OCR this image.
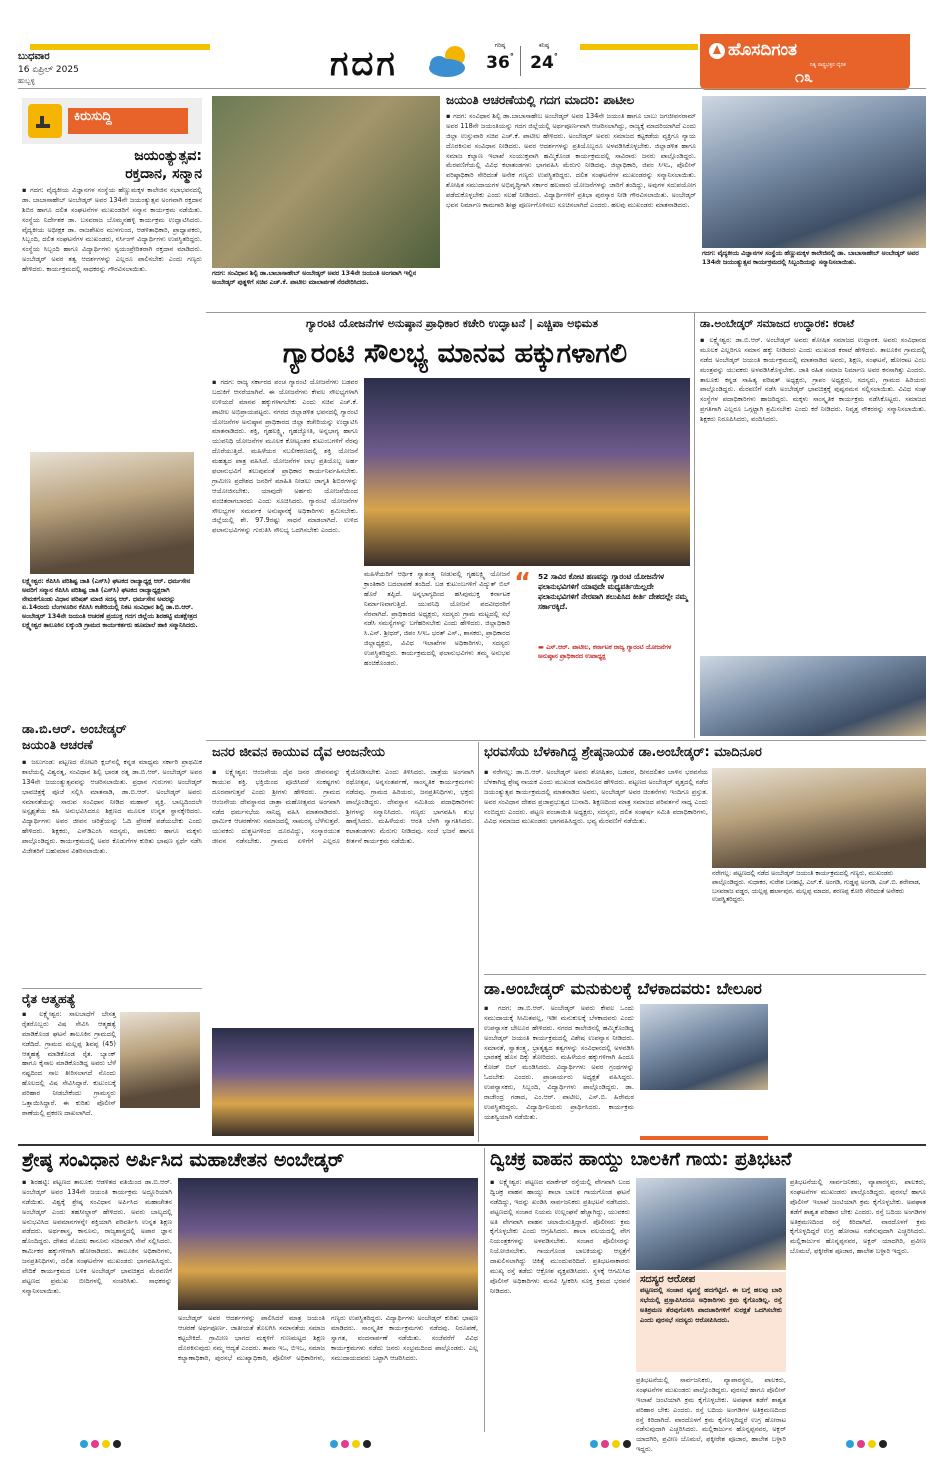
ಬುಧವಾರ
16 ಏಪ್ರಿಲ್ 2025
ಹುಬ್ಬಳ್ಳಿ	ಗದಗ	ಗರಿಷ್ಠ
36°
ಕನಿಷ್ಠ
24°	ಹೊಸದಿಗಂತ
ನಿತ್ಯ ರಾಷ್ಟ್ರಭಕ್ತರ ದೈನಿಕ
೧೩
ಕಿರುಸುದ್ದಿ
ಜಯಂತ್ಯುತ್ಸವ:
ರಕ್ತದಾನ, ಸನ್ಮಾನ
▪ ಗದಗ: ವೈದ್ಯಕೀಯ ವಿಜ್ಞಾನಗಳ ಸಂಸ್ಥೆಯ ಹೆಣ್ಣುಮಕ್ಕಳ ಕಾಲೇಜಿನ ಸಭಾಭವನದಲ್ಲಿ ಡಾ. ಬಾಬಾಸಾಹೇಬ್ ಅಂಬೇಡ್ಕರ್ ಅವರ 134ನೇ ಜಯಂತ್ಯುತ್ಸವ ಅಂಗವಾಗಿ ರಕ್ತದಾನ ಶಿಬಿರ ಹಾಗೂ ದಲಿತ ಸಂಘಟನೆಗಳ ಮುಖಂಡರಿಗೆ ಸನ್ಮಾನ ಕಾರ್ಯಕ್ರಮ ನಡೆಯಿತು. ಸಂಸ್ಥೆಯ ನಿರ್ದೇಶಕ ಡಾ. ಬಸವರಾಜ ಬೊಮ್ಮನಹಳ್ಳಿ ಕಾರ್ಯಕ್ರಮ ಉದ್ಘಾಟಿಸಿದರು. ವೈದ್ಯಕೀಯ ಅಧೀಕ್ಷಕ ಡಾ. ರಾಜಶೇಖರ ಮುಳಗುಂದ, ಆಡಳಿತಾಧಿಕಾರಿ, ಪ್ರಾಧ್ಯಾಪಕರು, ಸಿಬ್ಬಂದಿ, ದಲಿತ ಸಂಘಟನೆಗಳ ಮುಖಂಡರು, ನರ್ಸಿಂಗ್ ವಿದ್ಯಾರ್ಥಿಗಳು ಉಪಸ್ಥಿತರಿದ್ದರು. ಸಂಸ್ಥೆಯ ಸಿಬ್ಬಂದಿ ಹಾಗೂ ವಿದ್ಯಾರ್ಥಿಗಳು ಸ್ವಯಂಪ್ರೇರಿತರಾಗಿ ರಕ್ತದಾನ ಮಾಡಿದರು. ಅಂಬೇಡ್ಕರ್ ಅವರ ತತ್ವ ಆದರ್ಶಗಳನ್ನು ಎಲ್ಲರೂ ಪಾಲಿಸಬೇಕು ಎಂದು ಗಣ್ಯರು ಹೇಳಿದರು. ಕಾರ್ಯಕ್ರಮದಲ್ಲಿ ಸಾಧಕರನ್ನು ಗೌರವಿಸಲಾಯಿತು.
ಲಕ್ಷ್ಮೇಶ್ವರ: ಕೆಪಿಸಿಸಿ ಪರಿಶಿಷ್ಟ ಜಾತಿ (ಎಸ್‌ಸಿ) ಘಟಕದ ರಾಜ್ಯಾಧ್ಯಕ್ಷ ಆರ್. ಧರ್ಮಸೇನ ಅವರಿಗೆ ಸನ್ಮಾನ ಕೆಪಿಸಿಸಿ ಪರಿಶಿಷ್ಟ ಜಾತಿ (ಎಸ್‌ಸಿ) ಘಟಕದ ರಾಜ್ಯಾಧ್ಯಕ್ಷರಾಗಿ ನೇಮಕಗೊಂಡು ವಿಧಾನ ಪರಿಷತ್ ಮಾಜಿ ಸದಸ್ಯ ಆರ್. ಧರ್ಮಸೇನ ಅವರನ್ನು ಏ.14ರಂದು ಬೆಂಗಳೂರಿನ ಕೆಪಿಸಿಸಿ ಕಚೇರಿಯಲ್ಲಿ ನಿಕಟ ಸಂವಿಧಾನ ಶಿಲ್ಪಿ ಡಾ.ಬಿ.ಆರ್. ಅಂಬೇಡ್ಕರ್ 134ನೇ ಜಯಂತಿ ಆಚರಣೆ ಪ್ರಯುಕ್ತ ಗದಗ ಜಿಲ್ಲೆಯ ಶಿರಹಟ್ಟಿ ಮತಕ್ಷೇತ್ರದ ಲಕ್ಷ್ಮೇಶ್ವರ ತಾಲೂಕಿನ ಲಕ್ಕುಂಡಿ ಗ್ರಾಮದ ಕಾರ್ಯಕರ್ತರು ಹೂಮಾಲೆ ಹಾಕಿ ಸನ್ಮಾನಿಸಿದರು.
ಡಾ.ಬಿ.ಆರ್. ಅಂಬೇಡ್ಕರ್
ಜಯಂತಿ ಆಚರಣೆ
▪ ಜಲುಗಂಡ: ಪಟ್ಟಣದ ರೋಟರಿ ಕ್ಲಬ್‌ನಲ್ಲಿ ಕನ್ನಡ ಮಾಧ್ಯಮ ಸರ್ಕಾರಿ ಪ್ರಾಥಮಿಕ ಶಾಲೆಯಲ್ಲಿ ವಿಶ್ವರತ್ನ, ಸಂವಿಧಾನ ಶಿಲ್ಪಿ ಭಾರತ ರತ್ನ ಡಾ.ಬಿ.ಆರ್. ಅಂಬೇಡ್ಕರ್ ಅವರ 134ನೇ ಜಯಂತ್ಯುತ್ಸವವನ್ನು ಆಚರಿಸಲಾಯಿತು. ಪ್ರಧಾನ ಗುರುಗಳು ಅಂಬೇಡ್ಕರ್ ಭಾವಚಿತ್ರಕ್ಕೆ ಪೂಜೆ ಸಲ್ಲಿಸಿ ಮಾತನಾಡಿ, ಡಾ.ಬಿ.ಆರ್. ಅಂಬೇಡ್ಕರ್ ಅವರು ಸಮಾನತೆಯನ್ನು ಸಾರುವ ಸಂವಿಧಾನ ನೀಡಿದ ಮಹಾನ್ ವ್ಯಕ್ತಿ. ಬಾಲ್ಯದಿಂದಲೇ ಅಸ್ಪೃಶ್ಯತೆಯ ಕಹಿ ಅನುಭವಿಸಿದರೂ ಶಿಕ್ಷಣದ ಮೂಲಕ ಉನ್ನತ ಸ್ಥಾನಕ್ಕೇರಿದರು. ವಿದ್ಯಾರ್ಥಿಗಳು ಅವರ ಜೀವನ ಚರಿತ್ರೆಯನ್ನು ಓದಿ ಪ್ರೇರಣೆ ಪಡೆಯಬೇಕು ಎಂದು ಹೇಳಿದರು. ಶಿಕ್ಷಕರು, ಎಸ್‌ಡಿಎಂಸಿ ಸದಸ್ಯರು, ಪಾಲಕರು ಹಾಗೂ ಮಕ್ಕಳು ಪಾಲ್ಗೊಂಡಿದ್ದರು. ಕಾರ್ಯಕ್ರಮದಲ್ಲಿ ಅವರ ಕೊಡುಗೆಗಳ ಕುರಿತು ಭಾಷಣ ಸ್ಪರ್ಧೆ ನಡೆಸಿ ವಿಜೇತರಿಗೆ ಬಹುಮಾನ ವಿತರಿಸಲಾಯಿತು.
ರೈತ ಆತ್ಮಹತ್ಯೆ
▪ ಲಕ್ಷ್ಮೇಶ್ವರ: ಸಾಲಬಾಧೆಗೆ ಬೇಸತ್ತ ರೈತರೊಬ್ಬರು ವಿಷ ಸೇವಿಸಿ ಆತ್ಮಹತ್ಯೆ ಮಾಡಿಕೊಂಡ ಘಟನೆ ತಾಲೂಕಿನ ಗ್ರಾಮದಲ್ಲಿ ನಡೆದಿದೆ. ಗ್ರಾಮದ ಮಲ್ಲಪ್ಪ ಶಿವಪ್ಪ (45) ಆತ್ಮಹತ್ಯೆ ಮಾಡಿಕೊಂಡ ರೈತ. ಬ್ಯಾಂಕ್ ಹಾಗೂ ಕೈಸಾಲ ಮಾಡಿಕೊಂಡಿದ್ದ ಅವರು ಬೆಳೆ ನಷ್ಟದಿಂದ ಸಾಲ ತೀರಿಸಲಾಗದೆ ನೊಂದು ಹೊಲದಲ್ಲಿ ವಿಷ ಸೇವಿಸಿದ್ದಾರೆ. ಕುಟುಂಬಕ್ಕೆ ಪರಿಹಾರ ನೀಡಬೇಕೆಂದು ಗ್ರಾಮಸ್ಥರು ಒತ್ತಾಯಿಸಿದ್ದಾರೆ. ಈ ಕುರಿತು ಪೊಲೀಸ್ ಠಾಣೆಯಲ್ಲಿ ಪ್ರಕರಣ ದಾಖಲಾಗಿದೆ.
ಗದಗ: ಸಂವಿಧಾನ ಶಿಲ್ಪಿ ಡಾ.ಬಾಬಾಸಾಹೇಬ್ ಅಂಬೇಡ್ಕರ್ ಅವರ 134ನೇ ಜಯಂತಿ ಅಂಗವಾಗಿ ಇಲ್ಲಿನ ಅಂಬೇಡ್ಕರ್ ಪುತ್ಥಳಿಗೆ ಸಚಿವ ಎಚ್.ಕೆ. ಪಾಟೀಲ ಮಾಲಾರ್ಪಣೆ ನೆರವೇರಿಸಿದರು.
ಜಯಂತಿ ಆಚರಣೆಯಲ್ಲಿ ಗದಗ ಮಾದರಿ: ಪಾಟೀಲ
▪ ಗದಗ: ಸಂವಿಧಾನ ಶಿಲ್ಪಿ ಡಾ.ಬಾಬಾಸಾಹೇಬ ಅಂಬೇಡ್ಕರ್ ಅವರ 134ನೇ ಜಯಂತಿ ಹಾಗೂ ಬಾಬು ಜಗಜೀವನರಾಮ್ ಅವರ 118ನೇ ಜಯಂತಿಯನ್ನು ಗದಗ ಜಿಲ್ಲೆಯಲ್ಲಿ ಅರ್ಥಪೂರ್ಣವಾಗಿ ಆಚರಿಸಲಾಗಿದ್ದು, ರಾಜ್ಯಕ್ಕೆ ಮಾದರಿಯಾಗಿದೆ ಎಂದು ಜಿಲ್ಲಾ ಉಸ್ತುವಾರಿ ಸಚಿವ ಎಚ್.ಕೆ. ಪಾಟೀಲ ಹೇಳಿದರು. ಅಂಬೇಡ್ಕರ್ ಅವರು ಸಮಾಜದ ಕಟ್ಟಕಡೆಯ ವ್ಯಕ್ತಿಗೂ ನ್ಯಾಯ ದೊರಕಿಸುವ ಸಂವಿಧಾನ ನೀಡಿದರು. ಅವರ ಆದರ್ಶಗಳನ್ನು ಪ್ರತಿಯೊಬ್ಬರೂ ಅಳವಡಿಸಿಕೊಳ್ಳಬೇಕು. ಜಿಲ್ಲಾಡಳಿತ ಹಾಗೂ ಸಮಾಜ ಕಲ್ಯಾಣ ಇಲಾಖೆ ಸಂಯುಕ್ತವಾಗಿ ಹಮ್ಮಿಕೊಂಡ ಕಾರ್ಯಕ್ರಮದಲ್ಲಿ ಸಾವಿರಾರು ಜನರು ಪಾಲ್ಗೊಂಡಿದ್ದರು. ಮೆರವಣಿಗೆಯಲ್ಲಿ ವಿವಿಧ ಕಲಾತಂಡಗಳು ಭಾಗವಹಿಸಿ ಮೆರುಗು ನೀಡಿದವು. ಜಿಲ್ಲಾಧಿಕಾರಿ, ಜಿಪಂ ಸಿಇಒ, ಪೊಲೀಸ್ ವರಿಷ್ಠಾಧಿಕಾರಿ ಸೇರಿದಂತೆ ಅನೇಕ ಗಣ್ಯರು ಉಪಸ್ಥಿತರಿದ್ದರು. ದಲಿತ ಸಂಘಟನೆಗಳ ಮುಖಂಡರನ್ನು ಸನ್ಮಾನಿಸಲಾಯಿತು. ಶೋಷಿತ ಸಮುದಾಯಗಳ ಅಭಿವೃದ್ಧಿಗಾಗಿ ಸರ್ಕಾರ ಹಲವಾರು ಯೋಜನೆಗಳನ್ನು ಜಾರಿಗೆ ತಂದಿದ್ದು, ಅವುಗಳ ಸದುಪಯೋಗ ಪಡೆದುಕೊಳ್ಳಬೇಕು ಎಂದು ಸಲಹೆ ನೀಡಿದರು. ವಿದ್ಯಾರ್ಥಿಗಳಿಗೆ ಪ್ರತಿಭಾ ಪುರಸ್ಕಾರ ನೀಡಿ ಗೌರವಿಸಲಾಯಿತು. ಅಂಬೇಡ್ಕರ್ ಭವನ ನಿರ್ಮಾಣ ಕಾಮಗಾರಿ ಶೀಘ್ರ ಪೂರ್ಣಗೊಳಿಸಲು ಸೂಚಿಸಲಾಗಿದೆ ಎಂದರು. ಹಲವು ಮುಖಂಡರು ಮಾತನಾಡಿದರು.
ಗದಗ: ವೈದ್ಯಕೀಯ ವಿಜ್ಞಾನಗಳ ಸಂಸ್ಥೆಯ ಹೆಣ್ಣುಮಕ್ಕಳ ಕಾಲೇಜಿನಲ್ಲಿ ಡಾ. ಬಾಬಾಸಾಹೇಬ್ ಅಂಬೇಡ್ಕರ್ ಅವರ 134ನೇ ಜಯಂತ್ಯುತ್ಸವ ಕಾರ್ಯಕ್ರಮದಲ್ಲಿ ಸಿಬ್ಬಂದಿಯನ್ನು ಸನ್ಮಾನಿಸಲಾಯಿತು.
ಗ್ಯಾರಂಟಿ ಯೋಜನೆಗಳ ಅನುಷ್ಠಾನ ಪ್ರಾಧಿಕಾರ ಕಚೇರಿ ಉದ್ಘಾಟನೆ | ಎಚ್ಚಿಪಾ ಅಭಿಮತ
ಗ್ಯಾರಂಟಿ ಸೌಲಭ್ಯ ಮಾನವ ಹಕ್ಕುಗಳಾಗಲಿ
▪ ಗದಗ: ರಾಜ್ಯ ಸರ್ಕಾರದ ಪಂಚ ಗ್ಯಾರಂಟಿ ಯೋಜನೆಗಳು ಬಡವರ ಬದುಕಿಗೆ ಆಸರೆಯಾಗಿವೆ. ಈ ಯೋಜನೆಗಳು ಕೇವಲ ಸೌಲಭ್ಯಗಳಾಗಿ ಉಳಿಯದೆ ಮಾನವ ಹಕ್ಕುಗಳಾಗಬೇಕು ಎಂದು ಸಚಿವ ಎಚ್.ಕೆ. ಪಾಟೀಲ ಅಭಿಪ್ರಾಯಪಟ್ಟರು. ನಗರದ ಜಿಲ್ಲಾಡಳಿತ ಭವನದಲ್ಲಿ ಗ್ಯಾರಂಟಿ ಯೋಜನೆಗಳ ಅನುಷ್ಠಾನ ಪ್ರಾಧಿಕಾರದ ಜಿಲ್ಲಾ ಕಚೇರಿಯನ್ನು ಉದ್ಘಾಟಿಸಿ ಮಾತನಾಡಿದರು. ಶಕ್ತಿ, ಗೃಹಲಕ್ಷ್ಮಿ, ಗೃಹಜ್ಯೋತಿ, ಅನ್ನಭಾಗ್ಯ ಹಾಗೂ ಯುವನಿಧಿ ಯೋಜನೆಗಳ ಮೂಲಕ ಕೋಟ್ಯಂತರ ಕುಟುಂಬಗಳಿಗೆ ನೆರವು ದೊರೆಯುತ್ತಿದೆ. ಮಹಿಳೆಯರ ಸಬಲೀಕರಣದಲ್ಲಿ ಶಕ್ತಿ ಯೋಜನೆ ಮಹತ್ವದ ಪಾತ್ರ ವಹಿಸಿದೆ. ಯೋಜನೆಗಳ ಲಾಭ ಪ್ರತಿಯೊಬ್ಬ ಅರ್ಹ ಫಲಾನುಭವಿಗೆ ತಲುಪುವಂತೆ ಪ್ರಾಧಿಕಾರ ಕಾರ್ಯನಿರ್ವಹಿಸಬೇಕು. ಗ್ರಾಮೀಣ ಪ್ರದೇಶದ ಜನರಿಗೆ ಮಾಹಿತಿ ನೀಡಲು ಜಾಗೃತಿ ಶಿಬಿರಗಳನ್ನು ಆಯೋಜಿಸಬೇಕು. ಯಾವುದೇ ಅರ್ಹರು ಯೋಜನೆಯಿಂದ ವಂಚಿತರಾಗಬಾರದು ಎಂದು ಸೂಚಿಸಿದರು. ಗ್ಯಾರಂಟಿ ಯೋಜನೆಗಳ ಸೌಲಭ್ಯಗಳ ಸಮರ್ಪಕ ಅನುಷ್ಠಾನಕ್ಕೆ ಅಧಿಕಾರಿಗಳು ಶ್ರಮಿಸಬೇಕು. ಜಿಲ್ಲೆಯಲ್ಲಿ ಶೇ. 97.9ರಷ್ಟು ಸಾಧನೆ ಮಾಡಲಾಗಿದೆ. ಉಳಿದ ಫಲಾನುಭವಿಗಳನ್ನು ಗುರುತಿಸಿ ಸೌಲಭ್ಯ ಒದಗಿಸಬೇಕು ಎಂದರು.
ಮಹಿಳೆಯರಿಗೆ ಆರ್ಥಿಕ ಸ್ವಾತಂತ್ರ್ಯ ನೀಡುವಲ್ಲಿ ಗೃಹಲಕ್ಷ್ಮಿ ಯೋಜನೆ ಕ್ರಾಂತಿಕಾರಿ ಬದಲಾವಣೆ ತಂದಿದೆ. ಬಡ ಕುಟುಂಬಗಳಿಗೆ ವಿದ್ಯುತ್ ಬಿಲ್ ಹೊರೆ ತಪ್ಪಿದೆ. ಅನ್ನಭಾಗ್ಯದಿಂದ ಹಸಿವುಮುಕ್ತ ಕರ್ನಾಟಕ ನಿರ್ಮಾಣವಾಗುತ್ತಿದೆ. ಯುವನಿಧಿ ಯೋಜನೆ ಪದವೀಧರರಿಗೆ ನೆರವಾಗಿದೆ. ಪ್ರಾಧಿಕಾರದ ಅಧ್ಯಕ್ಷರು, ಸದಸ್ಯರು ಗ್ರಾಮ ಮಟ್ಟದಲ್ಲಿ ಸಭೆ ನಡೆಸಿ ಸಮಸ್ಯೆಗಳನ್ನು ಬಗೆಹರಿಸಬೇಕು ಎಂದು ಹೇಳಿದರು. ಜಿಲ್ಲಾಧಿಕಾರಿ ಸಿ.ಎನ್. ಶ್ರೀಧರ್, ಜಿಪಂ ಸಿಇಒ ಭರತ್ ಎಸ್., ಶಾಸಕರು, ಪ್ರಾಧಿಕಾರದ ಜಿಲ್ಲಾಧ್ಯಕ್ಷರು, ವಿವಿಧ ಇಲಾಖೆಗಳ ಅಧಿಕಾರಿಗಳು, ಸದಸ್ಯರು ಉಪಸ್ಥಿತರಿದ್ದರು. ಕಾರ್ಯಕ್ರಮದಲ್ಲಿ ಫಲಾನುಭವಿಗಳು ತಮ್ಮ ಅನುಭವ ಹಂಚಿಕೊಂಡರು.
“ 52 ಸಾವಿರ ಕೋಟಿ ಹಣವನ್ನು ಗ್ಯಾರಂಟಿ ಯೋಜನೆಗಳ ಫಲಾನುಭವಿಗಳಿಗೆ ಯಾವುದೇ ಮಧ್ಯವರ್ತಿಯಿಲ್ಲದೇ ಫಲಾನುಭವಿಗಳಿಗೆ ನೇರವಾಗಿ ತಲುಪಿಸಿದ ಕೀರ್ತಿ ದೇಶದಲ್ಲೇ ನಮ್ಮ ಸರ್ಕಾರಕ್ಕಿದೆ.
▬ ಎಸ್.ಆರ್. ಪಾಟೀಲ, ಕರ್ನಾಟಕ ರಾಜ್ಯ ಗ್ಯಾರಂಟಿ ಯೋಜನೆಗಳ ಅನುಷ್ಠಾನ ಪ್ರಾಧಿಕಾರದ ಉಪಾಧ್ಯಕ್ಷ
ಡಾ.ಅಂಬೇಡ್ಕರ್ ಸಮಾಜದ ಉದ್ಧಾರಕ: ಕರಾಟೆ
▪ ಲಕ್ಷ್ಮೇಶ್ವರ: ಡಾ.ಬಿ.ಆರ್. ಅಂಬೇಡ್ಕರ್ ಅವರು ಶೋಷಿತ ಸಮಾಜದ ಉದ್ಧಾರಕ. ಅವರು ಸಂವಿಧಾನದ ಮೂಲಕ ಎಲ್ಲರಿಗೂ ಸಮಾನ ಹಕ್ಕು ನೀಡಿದರು ಎಂದು ಮುಖಂಡ ಕರಾಟೆ ಹೇಳಿದರು. ತಾಲೂಕಿನ ಗ್ರಾಮದಲ್ಲಿ ನಡೆದ ಅಂಬೇಡ್ಕರ್ ಜಯಂತಿ ಕಾರ್ಯಕ್ರಮದಲ್ಲಿ ಮಾತನಾಡಿದ ಅವರು, ಶಿಕ್ಷಣ, ಸಂಘಟನೆ, ಹೋರಾಟ ಎಂಬ ಮಂತ್ರವನ್ನು ಯುವಕರು ಅಳವಡಿಸಿಕೊಳ್ಳಬೇಕು. ಜಾತಿ ರಹಿತ ಸಮಾಜ ನಿರ್ಮಾಣ ಅವರ ಕನಸಾಗಿತ್ತು ಎಂದರು. ತಾಲೂಕು ಕನ್ನಡ ಸಾಹಿತ್ಯ ಪರಿಷತ್ ಅಧ್ಯಕ್ಷರು, ಗ್ರಾಪಂ ಅಧ್ಯಕ್ಷರು, ಸದಸ್ಯರು, ಗ್ರಾಮದ ಹಿರಿಯರು ಪಾಲ್ಗೊಂಡಿದ್ದರು. ಮೆರವಣಿಗೆ ನಡೆಸಿ ಅಂಬೇಡ್ಕರ್ ಭಾವಚಿತ್ರಕ್ಕೆ ಪುಷ್ಪನಮನ ಸಲ್ಲಿಸಲಾಯಿತು. ವಿವಿಧ ಸಂಘ ಸಂಸ್ಥೆಗಳ ಪದಾಧಿಕಾರಿಗಳು ಹಾಜರಿದ್ದರು. ಮಕ್ಕಳು ಸಾಂಸ್ಕೃತಿಕ ಕಾರ್ಯಕ್ರಮ ನಡೆಸಿಕೊಟ್ಟರು. ಸಮಾಜದ ಪ್ರಗತಿಗಾಗಿ ಎಲ್ಲರೂ ಒಗ್ಗಟ್ಟಾಗಿ ಶ್ರಮಿಸಬೇಕು ಎಂದು ಕರೆ ನೀಡಿದರು. ನಿವೃತ್ತ ನೌಕರರನ್ನು ಸನ್ಮಾನಿಸಲಾಯಿತು. ಶಿಕ್ಷಕರು ನಿರೂಪಿಸಿದರು, ವಂದಿಸಿದರು.
ಜನರ ಜೀವನ ಕಾಯುವ ದೈವ ಆಂಜನೇಯ
▪ ಲಕ್ಷ್ಮೇಶ್ವರ: ಆಂಜನೇಯ ದೈವ ಜನರ ಜೀವನವನ್ನು ಕಾಯುವ ಶಕ್ತಿ. ಭಕ್ತಿಯಿಂದ ಪೂಜಿಸಿದರೆ ಸಂಕಷ್ಟಗಳು ದೂರವಾಗುತ್ತವೆ ಎಂದು ಶ್ರೀಗಳು ಹೇಳಿದರು. ಗ್ರಾಮದ ಆಂಜನೇಯ ದೇವಸ್ಥಾನದ ಜಾತ್ರಾ ಮಹೋತ್ಸವದ ಅಂಗವಾಗಿ ನಡೆದ ಧರ್ಮಸಭೆಯ ಸಾನಿಧ್ಯ ವಹಿಸಿ ಮಾತನಾಡಿದರು. ಧಾರ್ಮಿಕ ಆಚರಣೆಗಳು ಸಮಾಜದಲ್ಲಿ ಸಾಮರಸ್ಯ ಬೆಳೆಸುತ್ತವೆ. ಯುವಕರು ದುಶ್ಚಟಗಳಿಂದ ದೂರವಿದ್ದು, ಸಂಸ್ಕಾರಯುತ ಜೀವನ ನಡೆಸಬೇಕು. ಗ್ರಾಮದ ಏಳಿಗೆಗೆ ಎಲ್ಲರೂ ಕೈಜೋಡಿಸಬೇಕು ಎಂದು ತಿಳಿಸಿದರು. ಜಾತ್ರೆಯ ಅಂಗವಾಗಿ ರಥೋತ್ಸವ, ಅನ್ನಸಂತರ್ಪಣೆ, ಸಾಂಸ್ಕೃತಿಕ ಕಾರ್ಯಕ್ರಮಗಳು ನಡೆದವು. ಗ್ರಾಮದ ಹಿರಿಯರು, ಜನಪ್ರತಿನಿಧಿಗಳು, ಭಕ್ತರು ಪಾಲ್ಗೊಂಡಿದ್ದರು. ದೇವಸ್ಥಾನ ಸಮಿತಿಯ ಪದಾಧಿಕಾರಿಗಳು ಶ್ರೀಗಳನ್ನು ಸನ್ಮಾನಿಸಿದರು. ಗಣ್ಯರು ಭಾಗವಹಿಸಿ ಶುಭ ಹಾರೈಸಿದರು. ಮಹಿಳೆಯರು ಆರತಿ ಬೆಳಗಿ ಸ್ವಾಗತಿಸಿದರು. ಕಲಾತಂಡಗಳು ಮೆರುಗು ನೀಡಿದವು. ಸಂಜೆ ಭಜನೆ ಹಾಗೂ ಕೀರ್ತನೆ ಕಾರ್ಯಕ್ರಮ ನಡೆಯಿತು.
ಭರವಸೆಯ ಬೆಳಕಾಗಿದ್ದ ಶ್ರೇಷ್ಠನಾಯಕ ಡಾ.ಅಂಬೇಡ್ಕರ್: ಮಾದಿನೂರ
▪ ನರೇಗಲ್ಲ: ಡಾ.ಬಿ.ಆರ್. ಅಂಬೇಡ್ಕರ್ ಅವರು ಶೋಷಿತರ, ಬಡವರ, ದೀನದಲಿತರ ಬಾಳಿನ ಭರವಸೆಯ ಬೆಳಕಾಗಿದ್ದ ಶ್ರೇಷ್ಠ ನಾಯಕ ಎಂದು ಮುಖಂಡ ಮಾದಿನೂರ ಹೇಳಿದರು. ಪಟ್ಟಣದ ಅಂಬೇಡ್ಕರ್ ವೃತ್ತದಲ್ಲಿ ನಡೆದ ಜಯಂತ್ಯುತ್ಸವ ಕಾರ್ಯಕ್ರಮದಲ್ಲಿ ಮಾತನಾಡಿದ ಅವರು, ಅಂಬೇಡ್ಕರ್ ಅವರ ಚಿಂತನೆಗಳು ಇಂದಿಗೂ ಪ್ರಸ್ತುತ. ಅವರ ಸಂವಿಧಾನ ದೇಶದ ಪ್ರಜಾಪ್ರಭುತ್ವದ ಬುನಾದಿ. ಶಿಕ್ಷಣದಿಂದ ಮಾತ್ರ ಸಮಾಜದ ಪರಿವರ್ತನೆ ಸಾಧ್ಯ ಎಂದು ನಂಬಿದ್ದರು ಎಂದರು. ಪಟ್ಟಣ ಪಂಚಾಯಿತಿ ಅಧ್ಯಕ್ಷರು, ಸದಸ್ಯರು, ದಲಿತ ಸಂಘರ್ಷ ಸಮಿತಿ ಪದಾಧಿಕಾರಿಗಳು, ವಿವಿಧ ಸಮಾಜದ ಮುಖಂಡರು ಭಾಗವಹಿಸಿದ್ದರು. ಭವ್ಯ ಮೆರವಣಿಗೆ ನಡೆಯಿತು.
ನರೇಗಲ್ಲ: ಪಟ್ಟಣದಲ್ಲಿ ನಡೆದ ಅಂಬೇಡ್ಕರ್ ಜಯಂತಿ ಕಾರ್ಯಕ್ರಮದಲ್ಲಿ ಗಣ್ಯರು, ಮುಖಂಡರು ಪಾಲ್ಗೊಂಡಿದ್ದರು. ಸುಧಾಕರ, ಸುರೇಶ ಬನಹಟ್ಟಿ, ಎಲ್.ಕೆ. ಅಂಗಡಿ, ಗುಡ್ಡಪ್ಪ ಅಂಗಡಿ, ಎಚ್.ಬಿ. ಶರೇವಾಡ, ಬಸವರಾಜ ವಡ್ಡರ, ಯಲ್ಲಪ್ಪ ಹರ್ಲಾಪುರ, ಮಲ್ಲಪ್ಪ ಮಾದರ, ಶರಣಪ್ಪ ಕೋರಿ ಸೇರಿದಂತೆ ಅನೇಕರು ಉಪಸ್ಥಿತರಿದ್ದರು.
ಡಾ.ಅಂಬೇಡ್ಕರ್ ಮನುಕುಲಕ್ಕೆ ಬೆಳಕಾದವರು: ಬೇಲೂರ
▪ ಗದಗ: ಡಾ.ಬಿ.ಆರ್. ಅಂಬೇಡ್ಕರ್ ಅವರು ಕೇವಲ ಒಂದು ಸಮುದಾಯಕ್ಕೆ ಸೀಮಿತವಲ್ಲ, ಇಡೀ ಮನುಕುಲಕ್ಕೆ ಬೆಳಕಾದವರು ಎಂದು ಉಪನ್ಯಾಸಕ ಬೇಲೂರ ಹೇಳಿದರು. ನಗರದ ಕಾಲೇಜಿನಲ್ಲಿ ಹಮ್ಮಿಕೊಂಡಿದ್ದ ಅಂಬೇಡ್ಕರ್ ಜಯಂತಿ ಕಾರ್ಯಕ್ರಮದಲ್ಲಿ ವಿಶೇಷ ಉಪನ್ಯಾಸ ನೀಡಿದರು. ಸಮಾನತೆ, ಸ್ವಾತಂತ್ರ್ಯ, ಭ್ರಾತೃತ್ವದ ತತ್ವಗಳನ್ನು ಸಂವಿಧಾನದಲ್ಲಿ ಅಳವಡಿಸಿ ಭಾರತಕ್ಕೆ ಹೊಸ ದಿಕ್ಕು ತೋರಿದರು. ಮಹಿಳೆಯರ ಹಕ್ಕುಗಳಿಗಾಗಿ ಹಿಂದೂ ಕೋಡ್ ಬಿಲ್ ಮಂಡಿಸಿದರು. ವಿದ್ಯಾರ್ಥಿಗಳು ಅವರ ಗ್ರಂಥಗಳನ್ನು ಓದಬೇಕು ಎಂದರು. ಪ್ರಾಚಾರ್ಯರು ಅಧ್ಯಕ್ಷತೆ ವಹಿಸಿದ್ದರು. ಉಪನ್ಯಾಸಕರು, ಸಿಬ್ಬಂದಿ, ವಿದ್ಯಾರ್ಥಿಗಳು ಪಾಲ್ಗೊಂಡಿದ್ದರು. ಡಾ. ರಾಜೇಂದ್ರ ಗಡಾದ, ಎಂ.ಆರ್. ಪಾಟೀಲ, ಎಸ್.ಬಿ. ಹಿರೇಮಠ ಉಪಸ್ಥಿತರಿದ್ದರು. ವಿದ್ಯಾರ್ಥಿನಿಯರು ಪ್ರಾರ್ಥಿಸಿದರು. ಕಾರ್ಯಕ್ರಮ ಯಶಸ್ವಿಯಾಗಿ ನಡೆಯಿತು.
ಶ್ರೇಷ್ಠ ಸಂವಿಧಾನ ಅರ್ಪಿಸಿದ ಮಹಾಚೇತನ ಅಂಬೇಡ್ಕರ್
▪ ಶಿರಹಟ್ಟಿ: ಪಟ್ಟಣದ ತಾಲೂಕು ಆಡಳಿತದ ವತಿಯಿಂದ ಡಾ.ಬಿ.ಆರ್. ಅಂಬೇಡ್ಕರ್ ಅವರ 134ನೇ ಜಯಂತಿ ಕಾರ್ಯಕ್ರಮ ಅದ್ದೂರಿಯಾಗಿ ನಡೆಯಿತು. ವಿಶ್ವಕ್ಕೆ ಶ್ರೇಷ್ಠ ಸಂವಿಧಾನ ಅರ್ಪಿಸಿದ ಮಹಾಚೇತನ ಅಂಬೇಡ್ಕರ್ ಎಂದು ತಹಸೀಲ್ದಾರ್ ಹೇಳಿದರು. ಅವರು ಬಾಲ್ಯದಲ್ಲಿ ಅನುಭವಿಸಿದ ಅವಮಾನಗಳನ್ನೇ ಶಕ್ತಿಯಾಗಿ ಪರಿವರ್ತಿಸಿ ಉನ್ನತ ಶಿಕ್ಷಣ ಪಡೆದರು. ಅರ್ಥಶಾಸ್ತ್ರ, ಕಾನೂನು, ರಾಜ್ಯಶಾಸ್ತ್ರದಲ್ಲಿ ಅಪಾರ ಜ್ಞಾನ ಹೊಂದಿದ್ದರು. ದೇಶದ ಮೊದಲ ಕಾನೂನು ಸಚಿವರಾಗಿ ಸೇವೆ ಸಲ್ಲಿಸಿದರು. ಕಾರ್ಮಿಕರ ಹಕ್ಕುಗಳಿಗಾಗಿ ಹೋರಾಡಿದರು. ತಾಲೂಕಿನ ಅಧಿಕಾರಿಗಳು, ಜನಪ್ರತಿನಿಧಿಗಳು, ದಲಿತ ಸಂಘಟನೆಗಳ ಮುಖಂಡರು ಭಾಗವಹಿಸಿದ್ದರು. ವೇದಿಕೆ ಕಾರ್ಯಕ್ರಮದ ಬಳಿಕ ಅಂಬೇಡ್ಕರ್ ಭಾವಚಿತ್ರದ ಮೆರವಣಿಗೆ ಪಟ್ಟಣದ ಪ್ರಮುಖ ಬೀದಿಗಳಲ್ಲಿ ಸಂಚರಿಸಿತು. ಸಾಧಕರನ್ನು ಸನ್ಮಾನಿಸಲಾಯಿತು.
ಅಂಬೇಡ್ಕರ್ ಅವರ ಆದರ್ಶಗಳನ್ನು ಪಾಲಿಸಿದರೆ ಮಾತ್ರ ಜಯಂತಿ ಆಚರಣೆ ಅರ್ಥಪೂರ್ಣ. ಜಾತೀಯತೆ ತೊಲಗಿಸಿ ಸಮಾನತೆಯ ಸಮಾಜ ಕಟ್ಟಬೇಕಿದೆ. ಗ್ರಾಮೀಣ ಭಾಗದ ಮಕ್ಕಳಿಗೆ ಗುಣಮಟ್ಟದ ಶಿಕ್ಷಣ ದೊರಕಿಸುವುದು ನಮ್ಮ ಆದ್ಯತೆ ಎಂದರು. ತಾಪಂ ಇಒ, ಬಿಇಒ, ಸಮಾಜ ಕಲ್ಯಾಣಾಧಿಕಾರಿ, ಪುರಸಭೆ ಮುಖ್ಯಾಧಿಕಾರಿ, ಪೊಲೀಸ್ ಅಧಿಕಾರಿಗಳು, ಗಣ್ಯರು ಉಪಸ್ಥಿತರಿದ್ದರು. ವಿದ್ಯಾರ್ಥಿಗಳು ಅಂಬೇಡ್ಕರ್ ಕುರಿತು ಭಾಷಣ ಮಾಡಿದರು. ಸಾಂಸ್ಕೃತಿಕ ಕಾರ್ಯಕ್ರಮಗಳು ನಡೆದವು. ನಿರೂಪಣೆ, ಸ್ವಾಗತ, ವಂದನಾರ್ಪಣೆ ನಡೆಯಿತು. ಸಂಜೆವರೆಗೆ ವಿವಿಧ ಕಾರ್ಯಕ್ರಮಗಳು ನಡೆದು ಜನರು ಸಂಭ್ರಮದಿಂದ ಪಾಲ್ಗೊಂಡರು. ಎಲ್ಲ ಸಮುದಾಯದವರು ಒಟ್ಟಾಗಿ ಆಚರಿಸಿದರು.
ದ್ವಿಚಕ್ರ ವಾಹನ ಹಾಯ್ದು ಬಾಲಕಿಗೆ ಗಾಯ: ಪ್ರತಿಭಟನೆ
▪ ಲಕ್ಷ್ಮೇಶ್ವರ: ಪಟ್ಟಣದ ಮಾರ್ಕೆಟ್ ರಸ್ತೆಯಲ್ಲಿ ವೇಗವಾಗಿ ಬಂದ ದ್ವಿಚಕ್ರ ವಾಹನ ಹಾಯ್ದು ಶಾಲಾ ಬಾಲಕಿ ಗಾಯಗೊಂಡ ಘಟನೆ ನಡೆದಿದ್ದು, ಇದನ್ನು ಖಂಡಿಸಿ ಸಾರ್ವಜನಿಕರು ಪ್ರತಿಭಟನೆ ನಡೆಸಿದರು. ಪಟ್ಟಣದಲ್ಲಿ ಸಂಚಾರ ನಿಯಮ ಉಲ್ಲಂಘನೆ ಹೆಚ್ಚಾಗಿದ್ದು, ಯುವಕರು ಅತಿ ವೇಗವಾಗಿ ವಾಹನ ಚಲಾಯಿಸುತ್ತಿದ್ದಾರೆ. ಪೊಲೀಸರು ಕ್ರಮ ಕೈಗೊಳ್ಳಬೇಕು ಎಂದು ಆಗ್ರಹಿಸಿದರು. ಶಾಲಾ ವಲಯದಲ್ಲಿ ವೇಗ ನಿಯಂತ್ರಕಗಳನ್ನು ಅಳವಡಿಸಬೇಕು. ಸಂಚಾರ ಪೊಲೀಸರನ್ನು ನಿಯೋಜಿಸಬೇಕು. ಗಾಯಗೊಂಡ ಬಾಲಕಿಯನ್ನು ಆಸ್ಪತ್ರೆಗೆ ದಾಖಲಿಸಲಾಗಿದ್ದು ಚಿಕಿತ್ಸೆ ಮುಂದುವರಿದಿದೆ. ಪ್ರತಿಭಟನಾಕಾರರು ಮುಖ್ಯ ರಸ್ತೆ ತಡೆದು ಆಕ್ರೋಶ ವ್ಯಕ್ತಪಡಿಸಿದರು. ಸ್ಥಳಕ್ಕೆ ಆಗಮಿಸಿದ ಪೊಲೀಸ್ ಅಧಿಕಾರಿಗಳು ಮನವಿ ಸ್ವೀಕರಿಸಿ ಸೂಕ್ತ ಕ್ರಮದ ಭರವಸೆ ನೀಡಿದರು.
ಸದಸ್ಯರ ಆರೋಪ
ಪಟ್ಟಣದಲ್ಲಿ ಸಂಚಾರ ವ್ಯವಸ್ಥೆ ಹದಗೆಟ್ಟಿದೆ. ಈ ಬಗ್ಗೆ ಹಲವು ಬಾರಿ ಸಭೆಯಲ್ಲಿ ಪ್ರಸ್ತಾಪಿಸಿದರೂ ಅಧಿಕಾರಿಗಳು ಕ್ರಮ ಕೈಗೊಂಡಿಲ್ಲ. ರಸ್ತೆ ಅತಿಕ್ರಮಣ ತೆರವುಗೊಳಿಸಿ ಪಾದಚಾರಿಗಳಿಗೆ ಸುರಕ್ಷತೆ ಒದಗಿಸಬೇಕು ಎಂದು ಪುರಸಭೆ ಸದಸ್ಯರು ಆರೋಪಿಸಿದರು.
ಪ್ರತಿಭಟನೆಯಲ್ಲಿ ಸಾರ್ವಜನಿಕರು, ವ್ಯಾಪಾರಸ್ಥರು, ಪಾಲಕರು, ಸಂಘಟನೆಗಳ ಮುಖಂಡರು ಪಾಲ್ಗೊಂಡಿದ್ದರು. ಪುರಸಭೆ ಹಾಗೂ ಪೊಲೀಸ್ ಇಲಾಖೆ ಜಂಟಿಯಾಗಿ ಕ್ರಮ ಕೈಗೊಳ್ಳಬೇಕು. ಅಪಘಾತ ತಡೆಗೆ ಶಾಶ್ವತ ಪರಿಹಾರ ಬೇಕು ಎಂದರು. ರಸ್ತೆ ಬದಿಯ ಅಂಗಡಿಗಳ ಅತಿಕ್ರಮಣದಿಂದ ರಸ್ತೆ ಕಿರಿದಾಗಿದೆ. ವಾರದೊಳಗೆ ಕ್ರಮ ಕೈಗೊಳ್ಳದಿದ್ದರೆ ಉಗ್ರ ಹೋರಾಟ ನಡೆಸುವುದಾಗಿ ಎಚ್ಚರಿಸಿದರು. ಮಲ್ಲಿಕಾರ್ಜುನ ಹೊನ್ನಪ್ಪನವರ, ಅಕ್ಬರ್ ಯಾದಗಿರಿ, ಪ್ರವೀಣ ಬೊಮಲೆ, ಫಕ್ಕೀರೇಶ ಪೂಜಾರ, ಹಾಲೇಶ ಬಳ್ಳಾರಿ ಇದ್ದರು.
ಪ್ರತಿಭಟನೆಯಲ್ಲಿ ಸಾರ್ವಜನಿಕರು, ವ್ಯಾಪಾರಸ್ಥರು, ಪಾಲಕರು, ಸಂಘಟನೆಗಳ ಮುಖಂಡರು ಪಾಲ್ಗೊಂಡಿದ್ದರು. ಪುರಸಭೆ ಹಾಗೂ ಪೊಲೀಸ್ ಇಲಾಖೆ ಜಂಟಿಯಾಗಿ ಕ್ರಮ ಕೈಗೊಳ್ಳಬೇಕು. ಅಪಘಾತ ತಡೆಗೆ ಶಾಶ್ವತ ಪರಿಹಾರ ಬೇಕು ಎಂದರು. ರಸ್ತೆ ಬದಿಯ ಅಂಗಡಿಗಳ ಅತಿಕ್ರಮಣದಿಂದ ರಸ್ತೆ ಕಿರಿದಾಗಿದೆ. ವಾರದೊಳಗೆ ಕ್ರಮ ಕೈಗೊಳ್ಳದಿದ್ದರೆ ಉಗ್ರ ಹೋರಾಟ ನಡೆಸುವುದಾಗಿ ಎಚ್ಚರಿಸಿದರು. ಮಲ್ಲಿಕಾರ್ಜುನ ಹೊನ್ನಪ್ಪನವರ, ಅಕ್ಬರ್ ಯಾದಗಿರಿ, ಪ್ರವೀಣ ಬೊಮಲೆ, ಫಕ್ಕೀರೇಶ ಪೂಜಾರ, ಹಾಲೇಶ ಬಳ್ಳಾರಿ ಇದ್ದರು.
